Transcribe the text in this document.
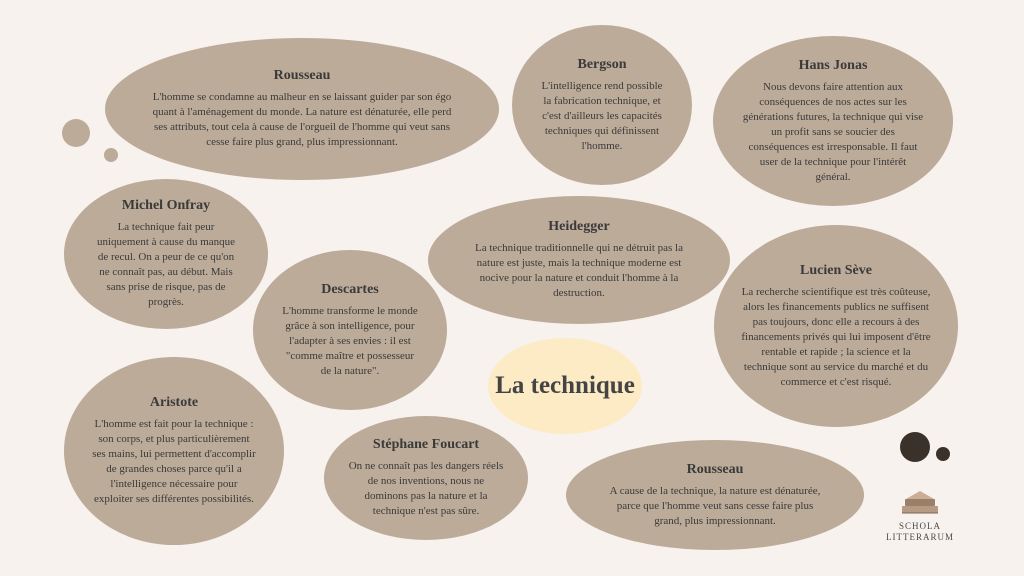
Rousseau

L'homme se condamne au malheur en se laissant guider par son égo quant à l'aménagement du monde. La nature est dénaturée, elle perd ses attributs, tout cela à cause de l'orgueil de l'homme qui veut sans cesse faire plus grand, plus impressionnant.

Bergson

L'intelligence rend possible la fabrication technique, et c'est d'ailleurs les capacités techniques qui définissent l'homme.

Hans Jonas

Nous devons faire attention aux conséquences de nos actes sur les générations futures, la technique qui vise un profit sans se soucier des conséquences est irresponsable. Il faut user de la technique pour l'intérêt général.

Michel Onfray

La technique fait peur uniquement à cause du manque de recul. On a peur de ce qu'on ne connaît pas, au début. Mais sans prise de risque, pas de progrès.

Heidegger

La technique traditionnelle qui ne détruit pas la nature est juste, mais la technique moderne est nocive pour la nature et conduit l'homme à la destruction.

Descartes

L'homme transforme le monde grâce à son intelligence, pour l'adapter à ses envies : il est "comme maître et possesseur de la nature".

Lucien Sève

La recherche scientifique est très coûteuse, alors les financements publics ne suffisent pas toujours, donc elle a recours à des financements privés qui lui imposent d'être rentable et rapide ; la science et la technique sont au service du marché et du commerce et c'est risqué.

Aristote

L'homme est fait pour la technique : son corps, et plus particulièrement ses mains, lui permettent d'accomplir de grandes choses parce qu'il a l'intelligence nécessaire pour exploiter ses différentes possibilités.

Stéphane Foucart

On ne connaît pas les dangers réels de nos inventions, nous ne dominons pas la nature et la technique n'est pas sûre.

Rousseau

A cause de la technique, la nature est dénaturée, parce que l'homme veut sans cesse faire plus grand, plus impressionnant.

La technique
SCHOLA
LITTERARUM
